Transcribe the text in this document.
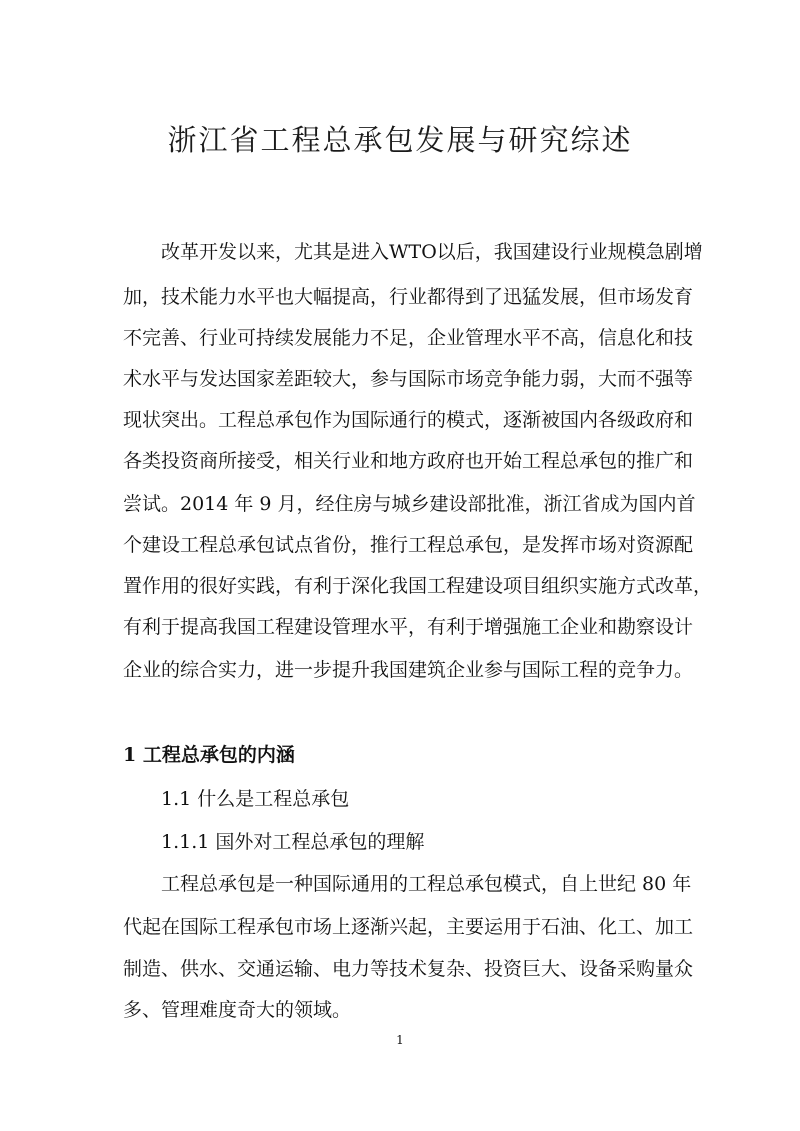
浙江省工程总承包发展与研究综述
改革开发以来，尤其是进入WTO以后，我国建设行业规模急剧增
加，技术能力水平也大幅提高，行业都得到了迅猛发展，但市场发育
不完善、行业可持续发展能力不足，企业管理水平不高，信息化和技
术水平与发达国家差距较大，参与国际市场竞争能力弱，大而不强等
现状突出。工程总承包作为国际通行的模式，逐渐被国内各级政府和
各类投资商所接受，相关行业和地方政府也开始工程总承包的推广和
尝试。2014 年 9 月，经住房与城乡建设部批准，浙江省成为国内首
个建设工程总承包试点省份，推行工程总承包，是发挥市场对资源配
置作用的很好实践，有利于深化我国工程建设项目组织实施方式改革，
有利于提高我国工程建设管理水平，有利于增强施工企业和勘察设计
企业的综合实力，进一步提升我国建筑企业参与国际工程的竞争力。
1 工程总承包的内涵
1.1 什么是工程总承包
1.1.1 国外对工程总承包的理解
工程总承包是一种国际通用的工程总承包模式，自上世纪 80 年
代起在国际工程承包市场上逐渐兴起，主要运用于石油、化工、加工
制造、供水、交通运输、电力等技术复杂、投资巨大、设备采购量众
多、管理难度奇大的领域。
1
